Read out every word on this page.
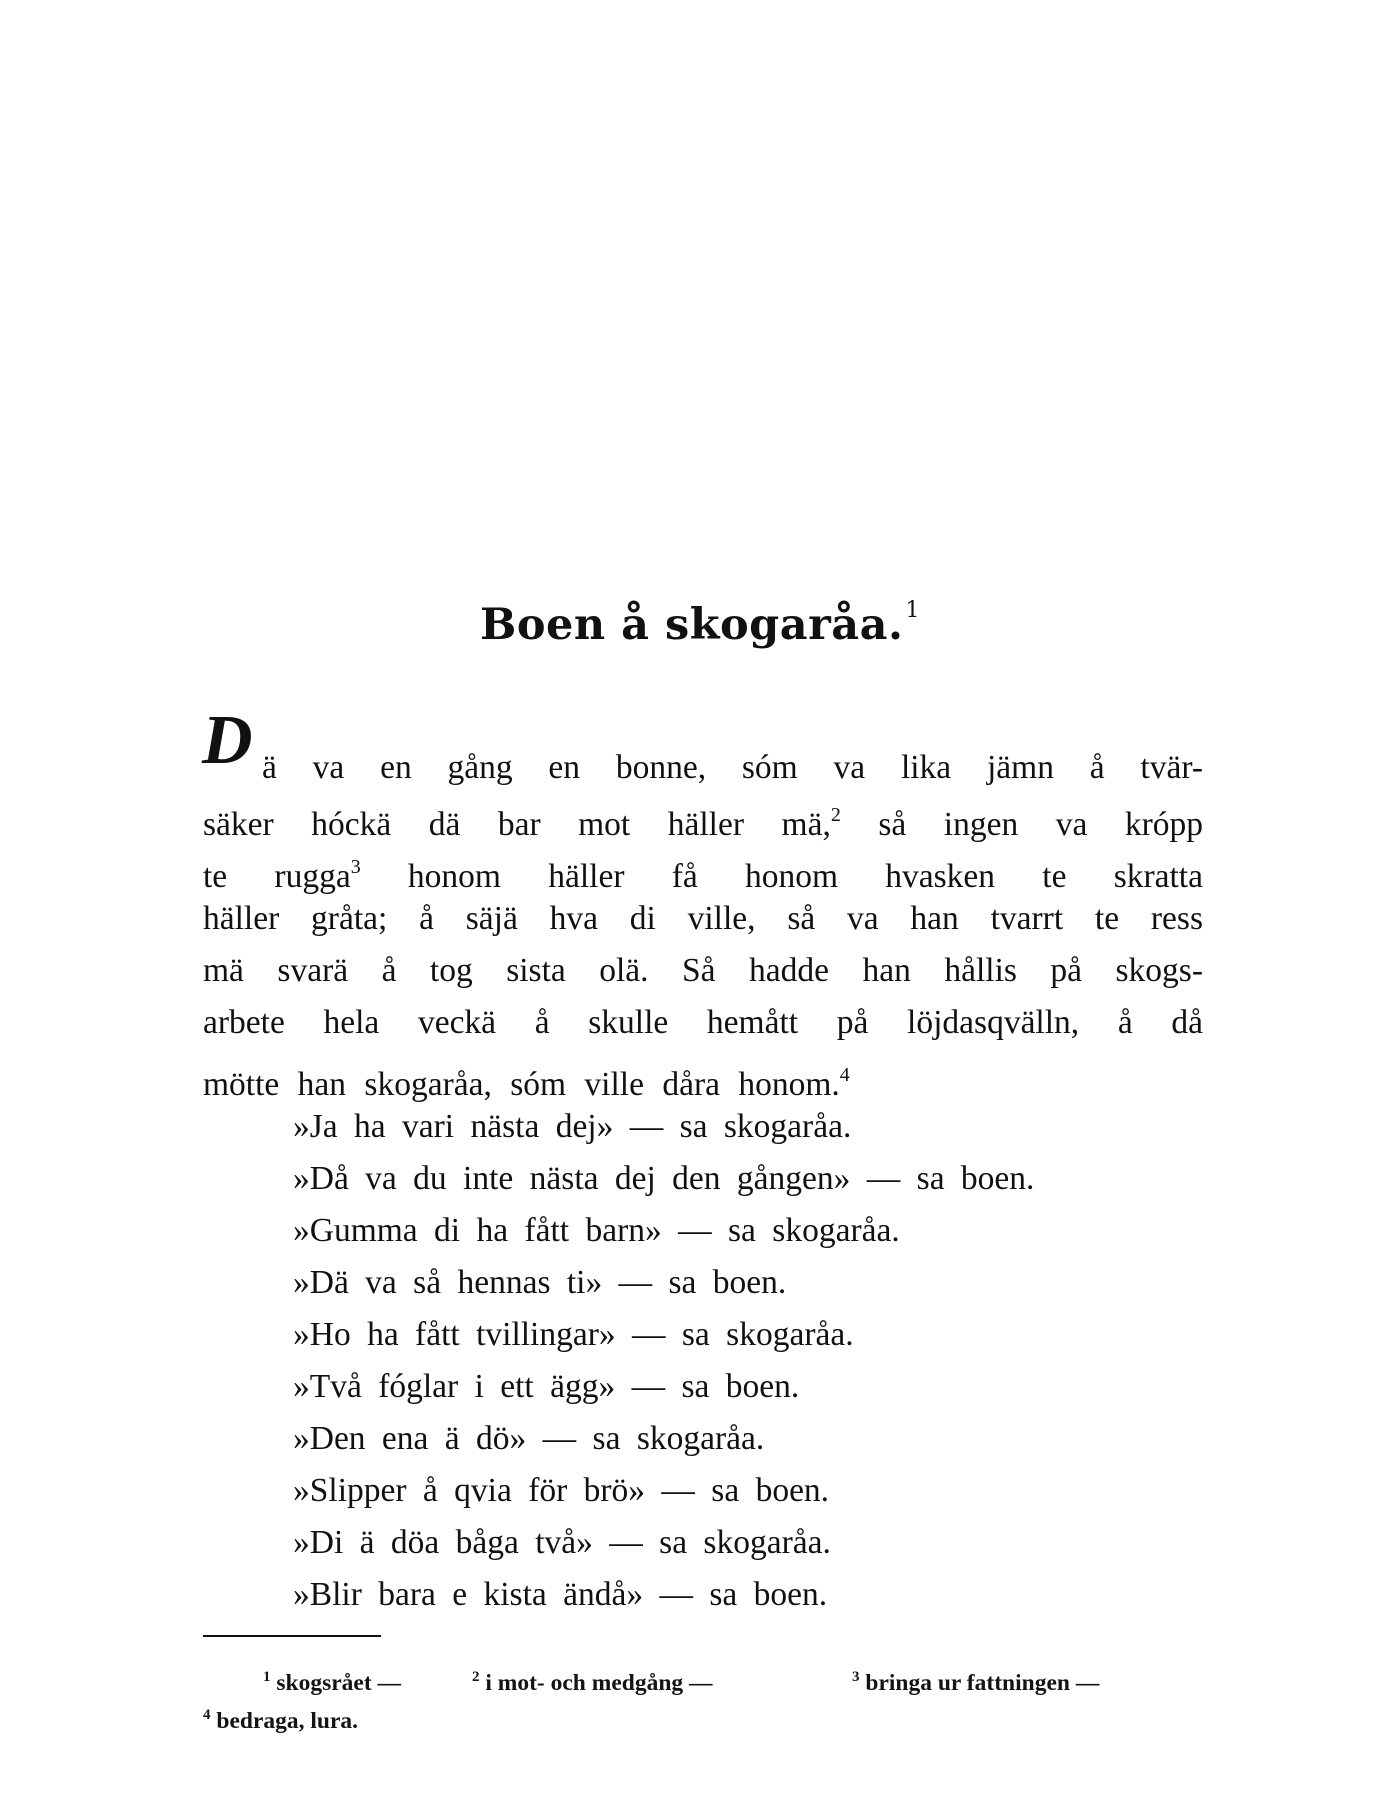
Boen å skogaråa.$^1$
D ä va en gång en bonne, sóm va lika jämn å tvär-
säker hóckä dä bar mot häller mä,$^2$ så ingen va krópp
te rugga$^3$ honom häller få honom hvasken te skratta
häller gråta; å säjä hva di ville, så va han tvarrt te ress
mä svarä å tog sista olä. Så hadde han hållis på skogs-
arbete hela veckä å skulle hemått på löjdasqvälln, å då
mötte han skogaråa, sóm ville dåra honom.$^4$
»Ja ha vari nästa dej» — sa skogaråa.
»Då va du inte nästa dej den gången» — sa boen.
»Gumma di ha fått barn» — sa skogaråa.
»Dä va så hennas ti» — sa boen.
»Ho ha fått tvillingar» — sa skogaråa.
»Två fóglar i ett ägg» — sa boen.
»Den ena ä dö» — sa skogaråa.
»Slipper å qvia för brö» — sa boen.
»Di ä döa båga två» — sa skogaråa.
»Blir bara e kista ändå» — sa boen.
$^1$ skogsrået —	$^2$ i mot- och medgång —	$^3$ bringa ur fattningen —
$^4$ bedraga, lura.
